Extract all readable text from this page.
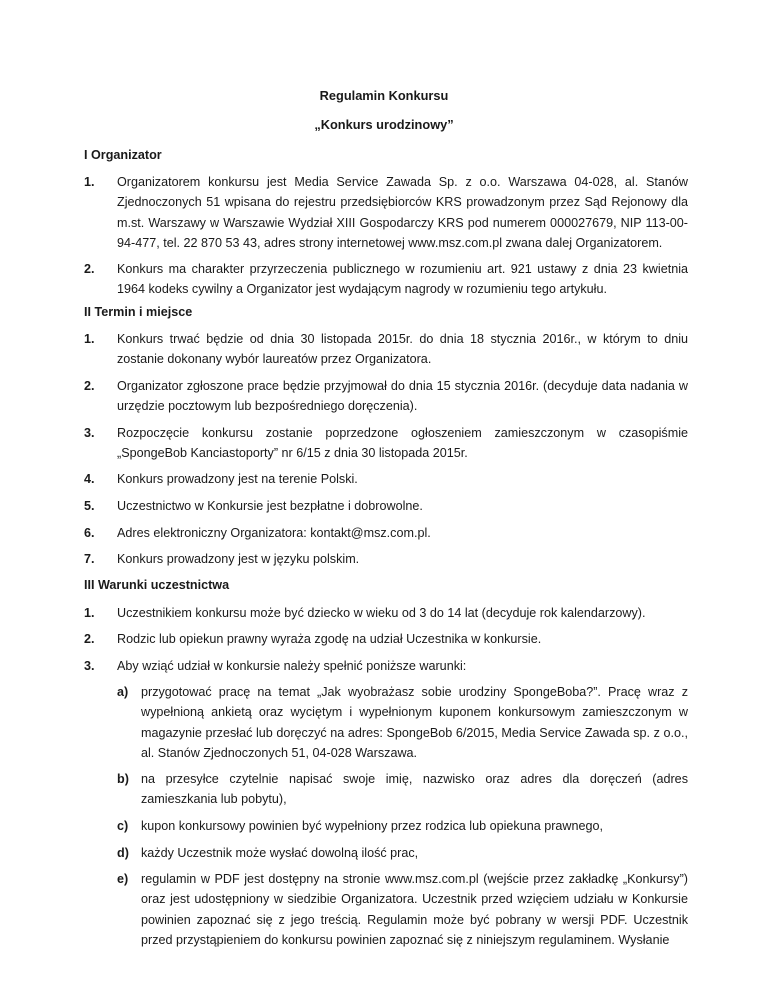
Regulamin Konkursu
„Konkurs urodzinowy”
I Organizator
1.	Organizatorem konkursu jest Media Service Zawada Sp. z o.o. Warszawa 04-028, al. Stanów Zjednoczonych 51 wpisana do rejestru przedsiębiorców KRS prowadzonym przez Sąd Rejonowy dla m.st. Warszawy w Warszawie Wydział XIII Gospodarczy KRS pod numerem 000027679, NIP 113-00-94-477, tel. 22 870 53 43, adres strony internetowej www.msz.com.pl zwana dalej Organizatorem.
2.	Konkurs ma charakter przyrzeczenia publicznego w rozumieniu art. 921 ustawy z dnia 23 kwietnia 1964 kodeks cywilny a Organizator jest wydającym nagrody w rozumieniu tego artykułu.
II Termin i miejsce
1.	Konkurs trwać będzie od dnia 30 listopada 2015r. do dnia 18 stycznia 2016r., w którym to dniu zostanie dokonany wybór laureatów przez Organizatora.
2.	Organizator zgłoszone prace będzie przyjmował do dnia 15 stycznia 2016r. (decyduje data nadania w urzędzie pocztowym lub bezpośredniego doręczenia).
3.	Rozpoczęcie konkursu zostanie poprzedzone ogłoszeniem zamieszczonym w czasopiśmie „SpongeBob Kanciastoporty” nr 6/15 z dnia 30 listopada 2015r.
4.	Konkurs prowadzony jest na terenie Polski.
5.	Uczestnictwo w Konkursie jest bezpłatne i dobrowolne.
6.	Adres elektroniczny Organizatora: kontakt@msz.com.pl.
7.	Konkurs prowadzony jest w języku polskim.
III Warunki uczestnictwa
1.	Uczestnikiem konkursu może być dziecko w wieku od 3 do 14 lat (decyduje rok kalendarzowy).
2.	Rodzic lub opiekun prawny wyraża zgodę na udział Uczestnika w konkursie.
3.	Aby wziąć udział w konkursie należy spełnić poniższe warunki:
a)	przygotować pracę na temat „Jak wyobrażasz sobie urodziny SpongeBoba?”. Pracę wraz z wypełnioną ankietą oraz wyciętym i wypełnionym kuponem konkursowym zamieszczonym w magazynie przesłać lub doręczyć na adres: SpongeBob 6/2015, Media Service Zawada sp. z o.o., al. Stanów Zjednoczonych 51, 04-028 Warszawa.
b) na przesyłce czytelnie napisać swoje imię, nazwisko oraz adres dla doręczeń (adres zamieszkania lub pobytu),
c)	kupon konkursowy powinien być wypełniony przez rodzica lub opiekuna prawnego,
d) każdy Uczestnik może wysłać dowolną ilość prac,
e)	regulamin w PDF jest dostępny na stronie www.msz.com.pl (wejście przez zakładkę „Konkursy”) oraz jest udostępniony w siedzibie Organizatora. Uczestnik przed wzięciem udziału w Konkursie powinien zapoznać się z jego treścią. Regulamin może być pobrany w wersji PDF. Uczestnik przed przystąpieniem do konkursu powinien zapoznać się z niniejszym regulaminem. Wysłanie
